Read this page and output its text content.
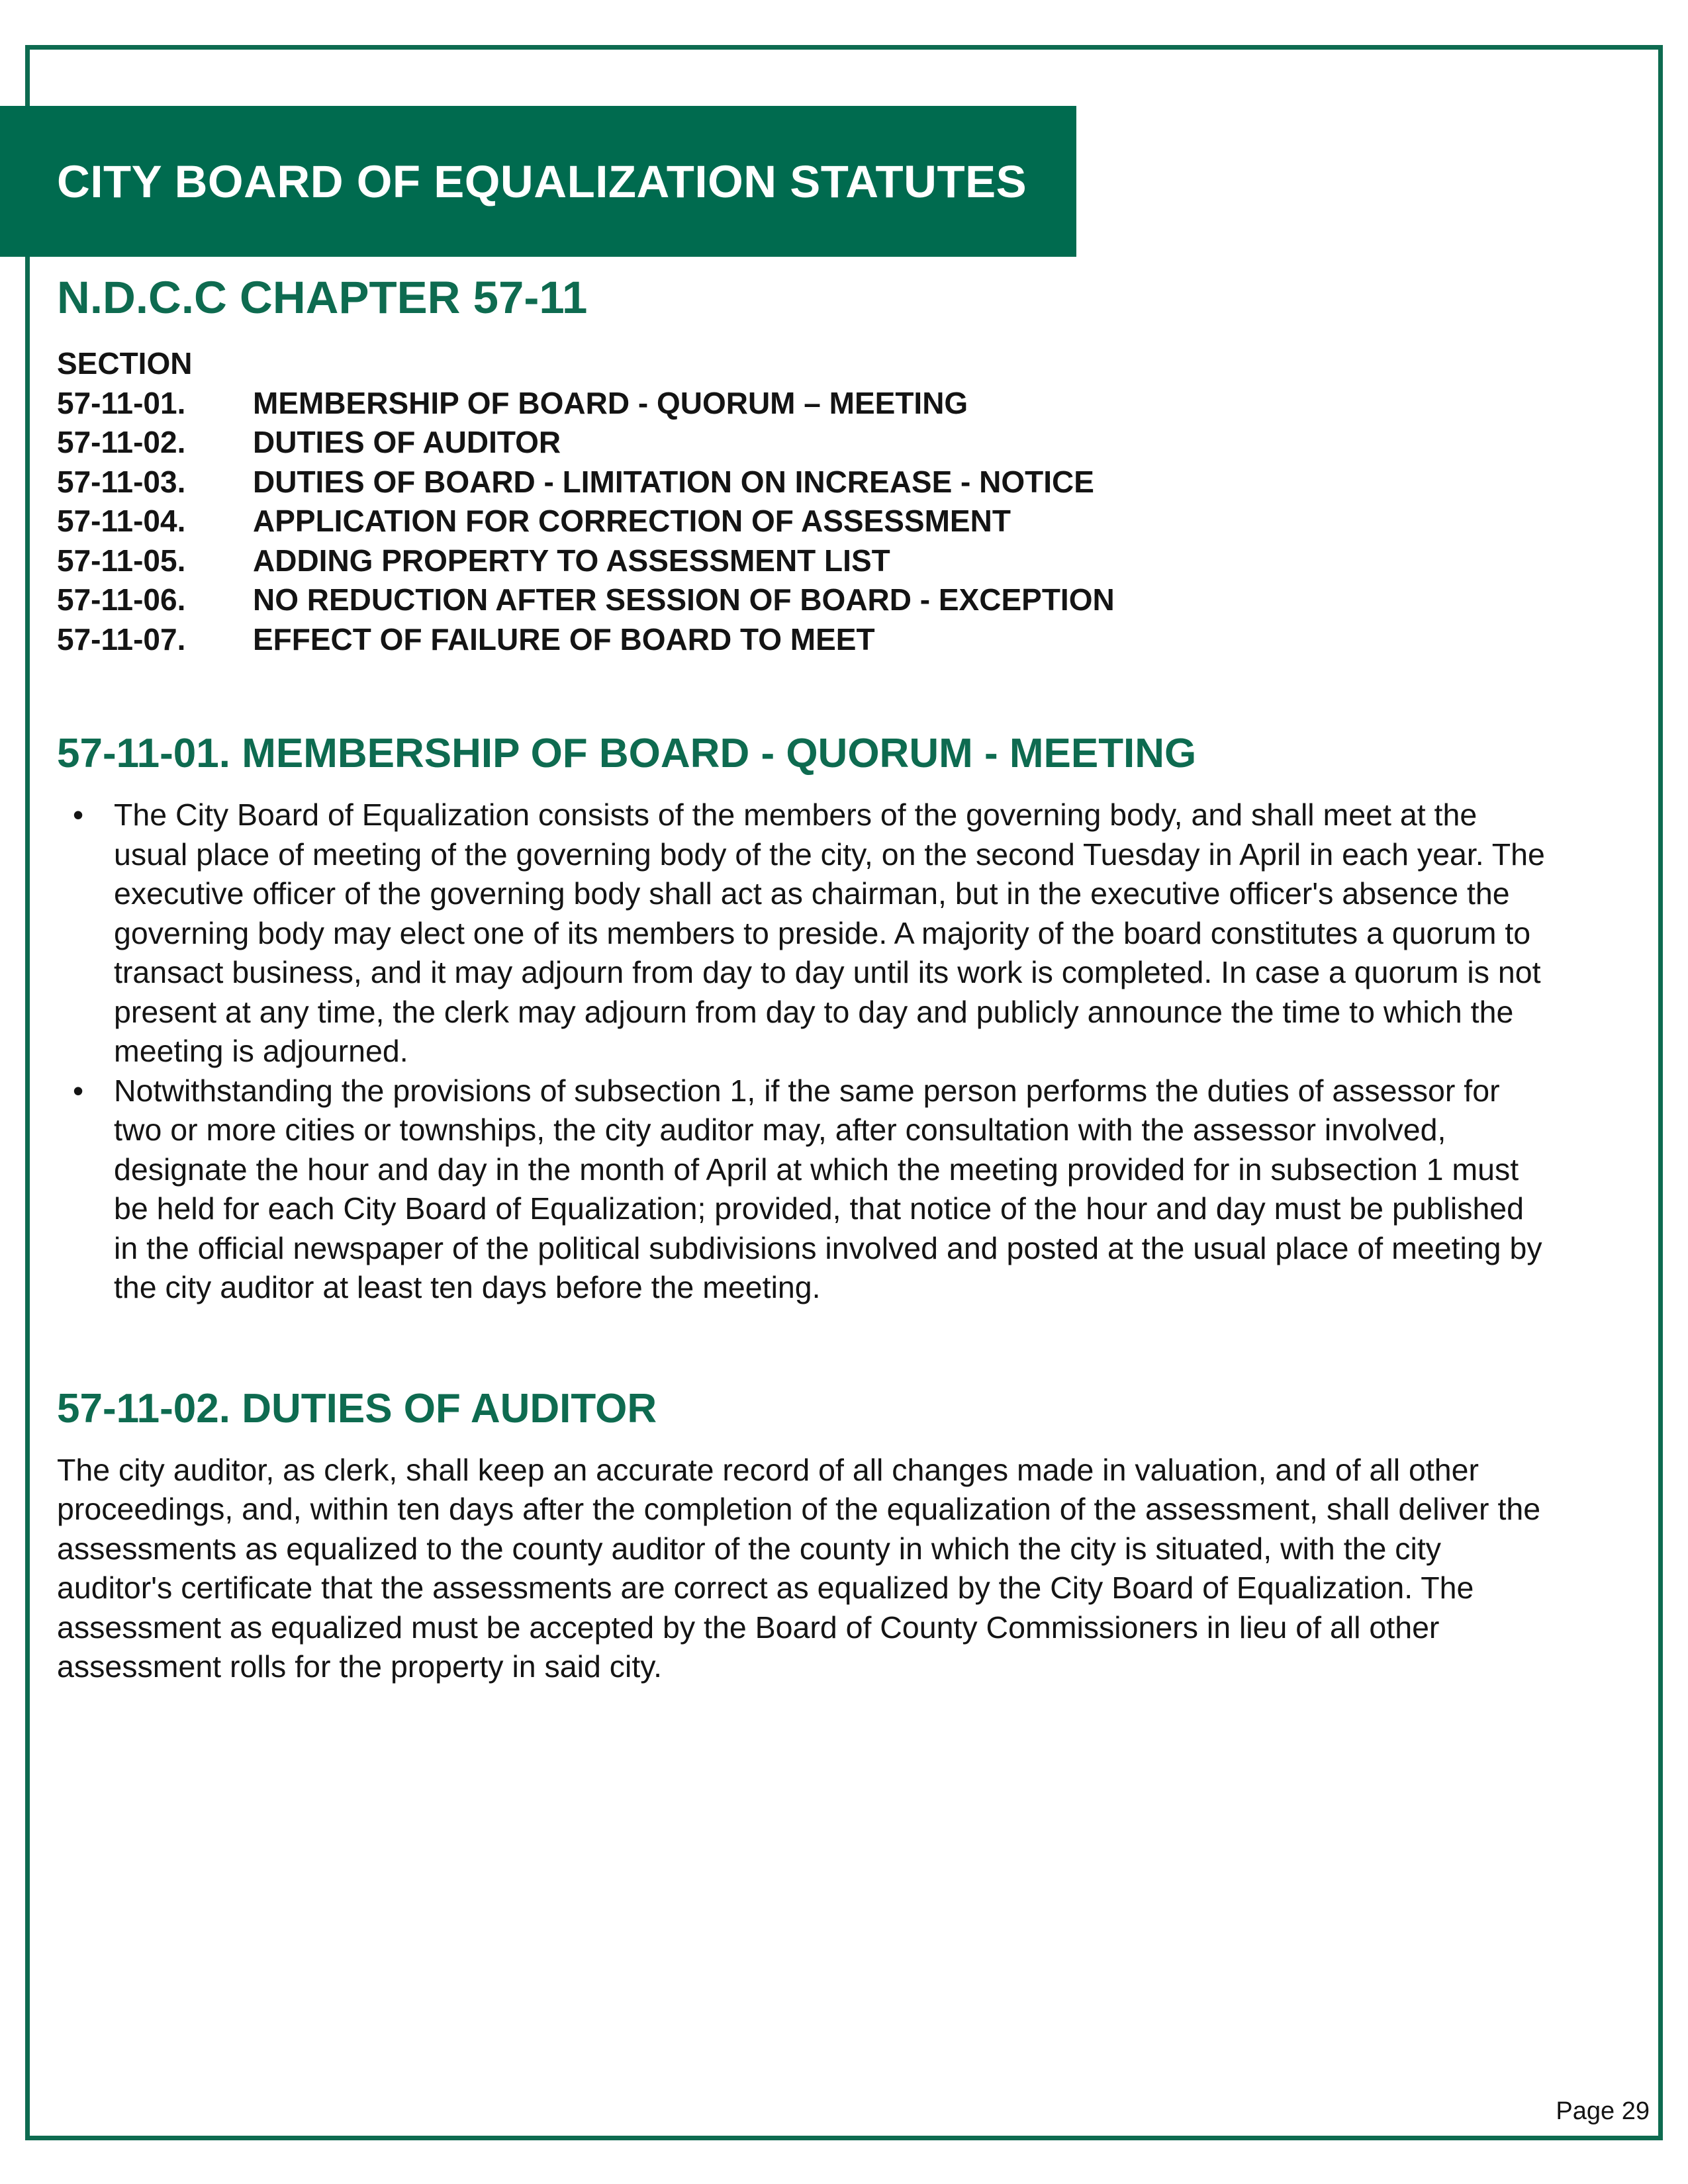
CITY BOARD OF EQUALIZATION STATUTES
N.D.C.C CHAPTER 57-11
SECTION
57-11-01.	MEMBERSHIP OF BOARD - QUORUM – MEETING
57-11-02.	DUTIES OF AUDITOR
57-11-03.	DUTIES OF BOARD - LIMITATION ON INCREASE - NOTICE
57-11-04.	APPLICATION FOR CORRECTION OF ASSESSMENT
57-11-05.	ADDING PROPERTY TO ASSESSMENT LIST
57-11-06.	NO REDUCTION AFTER SESSION OF BOARD - EXCEPTION
57-11-07.	EFFECT OF FAILURE OF BOARD TO MEET
57-11-01. MEMBERSHIP OF BOARD - QUORUM - MEETING
• The City Board of Equalization consists of the members of the governing body, and shall meet at the usual place of meeting of the governing body of the city, on the second Tuesday in April in each year. The executive officer of the governing body shall act as chairman, but in the executive officer's absence the governing body may elect one of its members to preside. A majority of the board constitutes a quorum to transact business, and it may adjourn from day to day until its work is completed. In case a quorum is not present at any time, the clerk may adjourn from day to day and publicly announce the time to which the meeting is adjourned.
• Notwithstanding the provisions of subsection 1, if the same person performs the duties of assessor for two or more cities or townships, the city auditor may, after consultation with the assessor involved, designate the hour and day in the month of April at which the meeting provided for in subsection 1 must be held for each City Board of Equalization; provided, that notice of the hour and day must be published in the official newspaper of the political subdivisions involved and posted at the usual place of meeting by the city auditor at least ten days before the meeting.
57-11-02. DUTIES OF AUDITOR

The city auditor, as clerk, shall keep an accurate record of all changes made in valuation, and of all other proceedings, and, within ten days after the completion of the equalization of the assessment, shall deliver the assessments as equalized to the county auditor of the county in which the city is situated, with the city auditor's certificate that the assessments are correct as equalized by the City Board of Equalization. The assessment as equalized must be accepted by the Board of County Commissioners in lieu of all other assessment rolls for the property in said city.

Page 29
